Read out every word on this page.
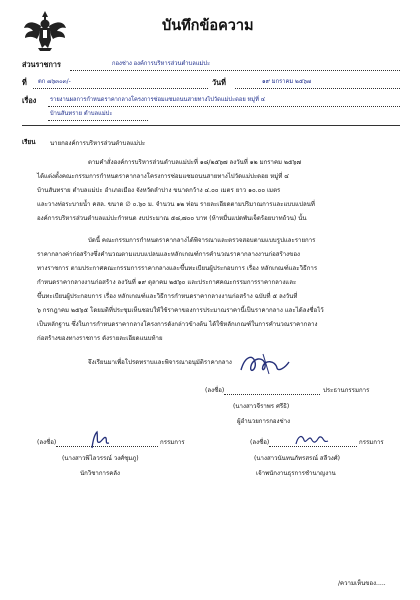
บันทึกข้อความ
ส่วนราชการ	กองช่าง องค์การบริหารส่วนตำบลแม่ปะ
ที่ ตก ๗๖๓๐๓/-	วันที่	๑๙ มกราคม ๒๕๖๗
เรื่อง รายงานผลการกำหนดราคากลางโครงการซ่อมแซมถนนสายทางไปวัดแม่ปะดอย หมู่ที่ ๔
บ้านสันทราย ตำบลแม่ปะ
เรียน นายกองค์การบริหารส่วนตำบลแม่ปะ
ตามคำสั่งองค์การบริหารส่วนตำบลแม่ปะที่ ๑๘/๒๕๖๗ ลงวันที่ ๑๒ มกราคม ๒๕๖๗
ได้แต่งตั้งคณะกรรมการกำหนดราคากลางโครงการซ่อมแซมถนนสายทางไปวัดแม่ปะดอย หมู่ที่ ๔
บ้านสันทราย ตำบลแม่ปะ อำเภอเมือง จังหวัดลำปาง ขนาดกว้าง ๔.๐๐ เมตร ยาว ๑๐.๐๐ เมตร
และวางท่อระบายน้ำ คสล. ขนาด ∅ ๐.๖๐ ม. จำนวน ๑๒ ท่อน รายละเอียดตามปริมาณการและแบบแปลนที่
องค์การบริหารส่วนตำบลแม่ปะกำหนด งบประมาณ ๕๘,๗๐๐ บาท (ห้าหมื่นแปดพันเจ็ดร้อยบาทถ้วน) นั้น
บัดนี้ คณะกรรมการกำหนดราคากลางได้พิจารณาและตรวจสอบตามแบบรูปและรายการ
ราคากลางค่าก่อสร้างซึ่งคำนวณตามแบบแปลนและหลักเกณฑ์การคำนวณราคากลางงานก่อสร้างของ
ทางราชการ ตามประกาศคณะกรรมการราคากลางและขึ้นทะเบียนผู้ประกอบการ เรื่อง หลักเกณฑ์และวิธีการ
กำหนดราคากลางงานก่อสร้าง ลงวันที่ ๑๙ ตุลาคม ๒๕๖๐ และประกาศคณะกรรมการราคากลางและ
ขึ้นทะเบียนผู้ประกอบการ เรื่อง หลักเกณฑ์และวิธีการกำหนดราคากลางงานก่อสร้าง ฉบับที่ ๕ ลงวันที่
๖ กรกฎาคม ๒๕๖๕ โดยมติที่ประชุมเห็นชอบให้ใช้ราคาของการประมาณราคานี้เป็นราคากลาง และได้ลงชื่อไว้
เป็นหลักฐาน ซึ่งในการกำหนดราคากลางโครงการดังกล่าวข้างต้น ได้ใช้หลักเกณฑ์ในการคำนวณราคากลาง
ก่อสร้างของทางราชการ ดังรายละเอียดแนบท้าย
จึงเรียนมาเพื่อโปรดทราบและพิจารณาอนุมัติราคากลาง
(ลงชื่อ)	ประธานกรรมการ
(นางสาวจีราพร ศรีธิ)
ผู้อำนวยการกองช่าง
(ลงชื่อ)	กรรมการ
(นางสาวพิไลวรรณ์ วงศ์ชุมภู)
นักวิชาการคลัง
(ลงชื่อ)	กรรมการ
(นางสาวนันทนภัทรสรณ์ สลีวงศ์)
เจ้าพนักงานธุรการชำนาญงาน
/ความเห็นของ.....
